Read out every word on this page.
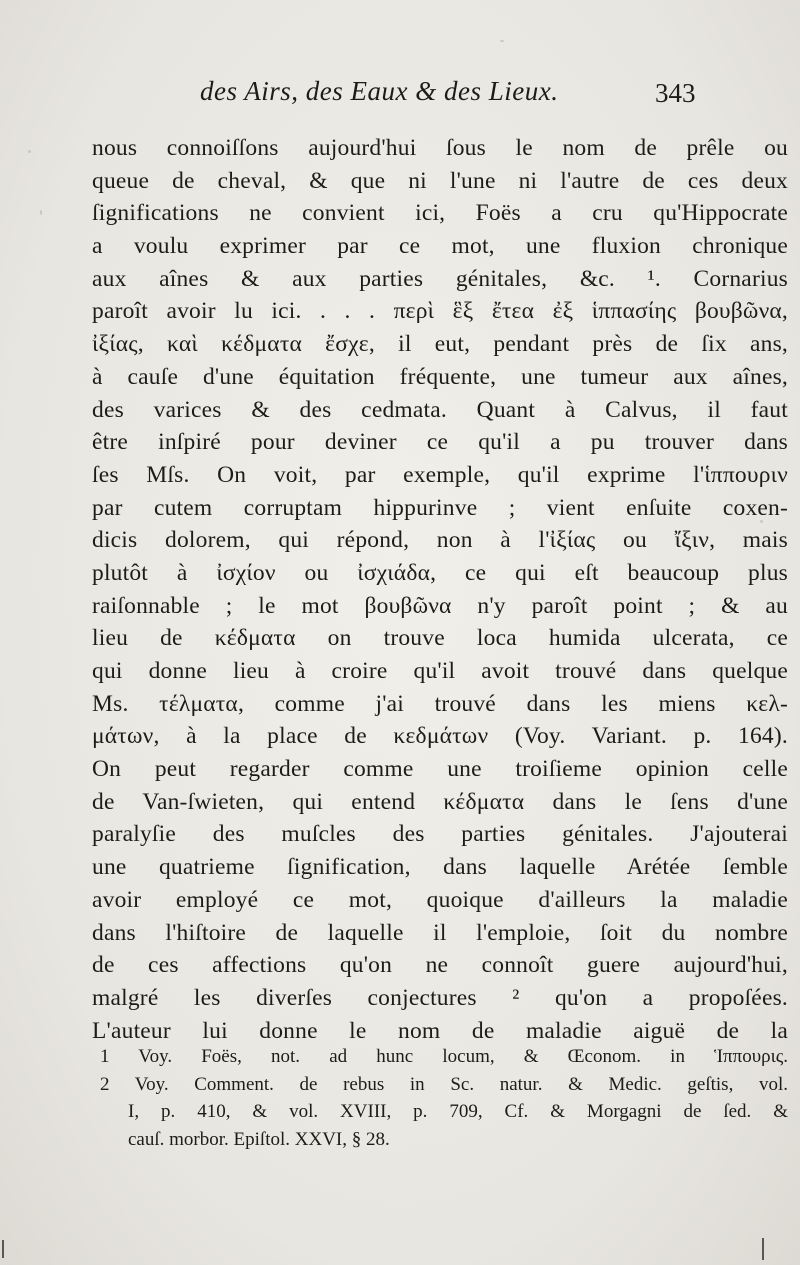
des Airs, des Eaux & des Lieux.	343
nous connoiſſons aujourd'hui ſous le nom de prêle ou
queue de cheval, & que ni l'une ni l'autre de ces deux
ſignifications ne convient ici, Foës a cru qu'Hippocrate
a voulu exprimer par ce mot, une fluxion chronique
aux aînes & aux parties génitales, &c. ¹. Cornarius
paroît avoir lu ici. . . . περὶ ἓξ ἔτεα ἐξ ἱππασίης βουβῶνα,
ἰξίας, καὶ κέδματα ἔσχε, il eut, pendant près de ſix ans,
à cauſe d'une équitation fréquente, une tumeur aux aînes,
des varices & des cedmata. Quant à Calvus, il faut
être inſpiré pour deviner ce qu'il a pu trouver dans
ſes Mſs. On voit, par exemple, qu'il exprime l'ἱππουριν
par cutem corruptam hippurinve ; vient enſuite coxen-
dicis dolorem, qui répond, non à l'ἰξίας ou ἴξιν, mais
plutôt à ἰσχίον ou ἰσχιάδα, ce qui eſt beaucoup plus
raiſonnable ; le mot βουβῶνα n'y paroît point ; & au
lieu de κέδματα on trouve loca humida ulcerata, ce
qui donne lieu à croire qu'il avoit trouvé dans quelque
Ms. τέλματα, comme j'ai trouvé dans les miens κελ-
μάτων, à la place de κεδμάτων (Voy. Variant. p. 164).
On peut regarder comme une troiſieme opinion celle
de Van-ſwieten, qui entend κέδματα dans le ſens d'une
paralyſie des muſcles des parties génitales. J'ajouterai
une quatrieme ſignification, dans laquelle Arétée ſemble
avoir employé ce mot, quoique d'ailleurs la maladie
dans l'hiſtoire de laquelle il l'emploie, ſoit du nombre
de ces affections qu'on ne connoît guere aujourd'hui,
malgré les diverſes conjectures ² qu'on a propoſées.
L'auteur lui donne le nom de maladie aiguë de la
1 Voy. Foës, not. ad hunc locum, & Œconom. in Ἱππουρις.
2 Voy. Comment. de rebus in Sc. natur. & Medic. geſtis, vol.
I, p. 410, & vol. XVIII, p. 709, Cf. & Morgagni de ſed. &
cauſ. morbor. Epiſtol. XXVI, § 28.
